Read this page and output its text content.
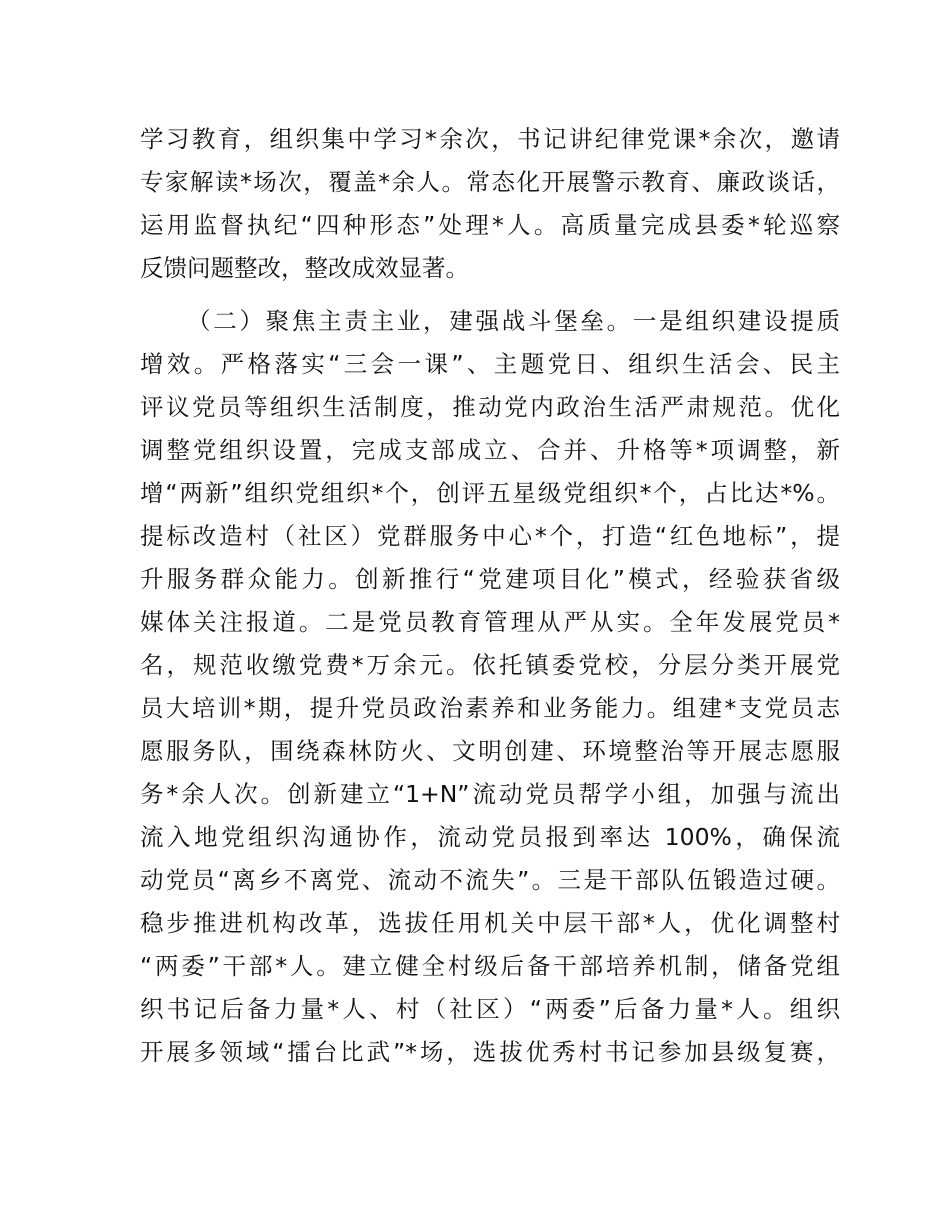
学习教育，组织集中学习*余次，书记讲纪律党课*余次，邀请
专家解读*场次，覆盖*余人。常态化开展警示教育、廉政谈话，
运用监督执纪“四种形态”处理*人。高质量完成县委*轮巡察
反馈问题整改，整改成效显著。
（二）聚焦主责主业，建强战斗堡垒。一是组织建设提质
增效。严格落实“三会一课”、主题党日、组织生活会、民主
评议党员等组织生活制度，推动党内政治生活严肃规范。优化
调整党组织设置，完成支部成立、合并、升格等*项调整，新
增“两新”组织党组织*个，创评五星级党组织*个，占比达*%。
提标改造村（社区）党群服务中心*个，打造“红色地标”，提
升服务群众能力。创新推行“党建项目化”模式，经验获省级
媒体关注报道。二是党员教育管理从严从实。全年发展党员*
名，规范收缴党费*万余元。依托镇委党校，分层分类开展党
员大培训*期，提升党员政治素养和业务能力。组建*支党员志
愿服务队，围绕森林防火、文明创建、环境整治等开展志愿服
务*余人次。创新建立“1+N”流动党员帮学小组，加强与流出
流入地党组织沟通协作，流动党员报到率达 100%，确保流
动党员“离乡不离党、流动不流失”。三是干部队伍锻造过硬。
稳步推进机构改革，选拔任用机关中层干部*人，优化调整村
“两委”干部*人。建立健全村级后备干部培养机制，储备党组
织书记后备力量*人、村（社区）“两委”后备力量*人。组织
开展多领域“擂台比武”*场，选拔优秀村书记参加县级复赛，
